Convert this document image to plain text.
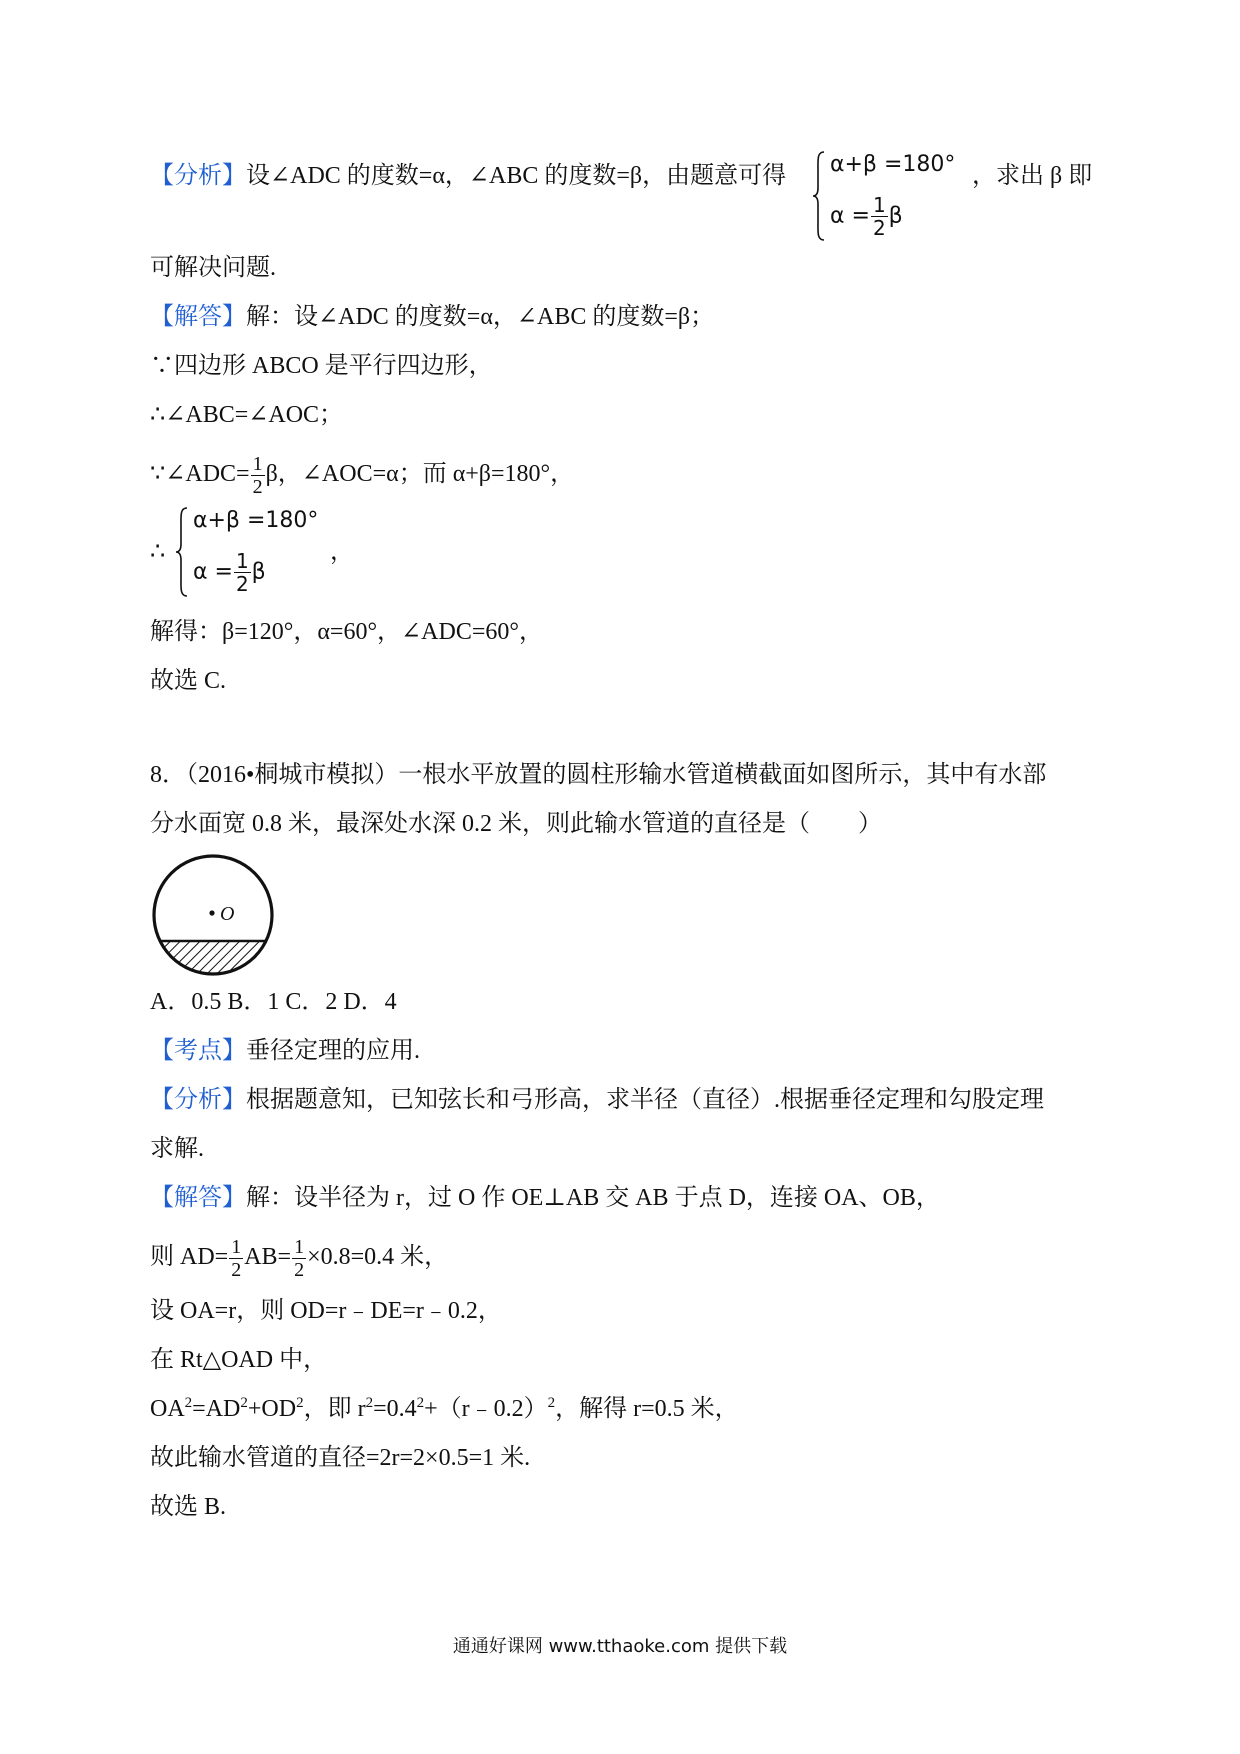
【分析】设∠ADC 的度数=α，∠ABC 的度数=β，由题意可得 α+β =180°
$\alpha = \frac{1}{2}$ β
，求出 β 即
可解决问题.
【解答】解：设∠ADC 的度数=α，∠ABC 的度数=β；
∵四边形 ABCO 是平行四边形，
∴∠ABC=∠AOC；
∵∠ADC= $\frac{1}{2}$ β，∠AOC=α；而 α+β=180°，
∴
α+β =180°
$\alpha = \frac{1}{2}$ β
，
解得：β=120°，α=60°，∠ADC=60°，
故选 C.
8．（2016•桐城市模拟）一根水平放置的圆柱形输水管道横截面如图所示，其中有水部
分水面宽 0.8 米，最深处水深 0.2 米，则此输水管道的直径是（　　）
O
A．0.5 B．1 C．2 D．4
【考点】垂径定理的应用.
【分析】根据题意知，已知弦长和弓形高，求半径（直径）.根据垂径定理和勾股定理
求解.
【解答】解：设半径为 r，过 O 作 OE⊥AB 交 AB 于点 D，连接 OA、OB，
则 $AD= \frac{1}{2} AB= \frac{1}{2} \times 0.8=0.4$ 米，
设 OA=r，则 OD=r﹣DE=r﹣0.2，
在 Rt△OAD 中，
$OA^2=AD^2+OD^2$，即 $r^2=0.4^2+(r﹣0.2)^2$，解得 r=0.5 米，
故此输水管道的直径=2r=2×0.5=1 米.
故选 B.
通通好课网 www.tthaoke.com 提供下载
